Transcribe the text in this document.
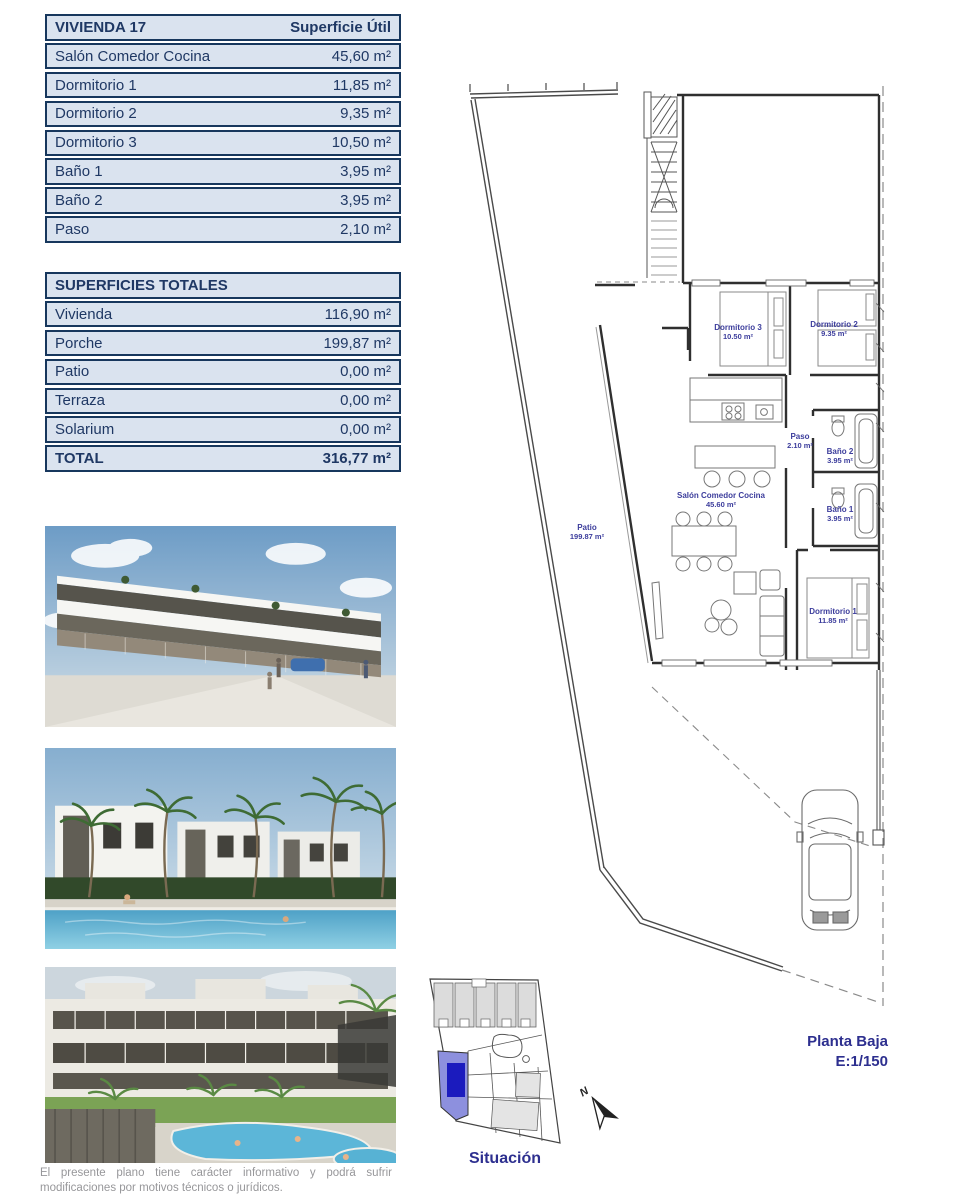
VIVIENDA 17	Superficie Útil
Salón Comedor Cocina	45,60 m²
Dormitorio 1	11,85 m²
Dormitorio 2	9,35 m²
Dormitorio 3	10,50 m²
Baño 1	3,95 m²
Baño 2	3,95 m²
Paso	2,10 m²
SUPERFICIES TOTALES
Vivienda	116,90 m²
Porche	199,87 m²
Patio	0,00 m²
Terraza	0,00 m²
Solarium	0,00 m²
TOTAL	316,77 m²
El presente plano tiene carácter informativo y podrá sufrir modificaciones por motivos técnicos o jurídicos.
Dormitorio 3
10.50 m²
Dormitorio 2
9.35 m²
Paso
2.10 m²
Baño 2
3.95 m²
Baño 1
3.95 m²
Salón Comedor Cocina
45.60 m²
Dormitorio 1
11.85 m²
Patio
199.87 m²
Planta Baja
E:1/150
N
Situación
